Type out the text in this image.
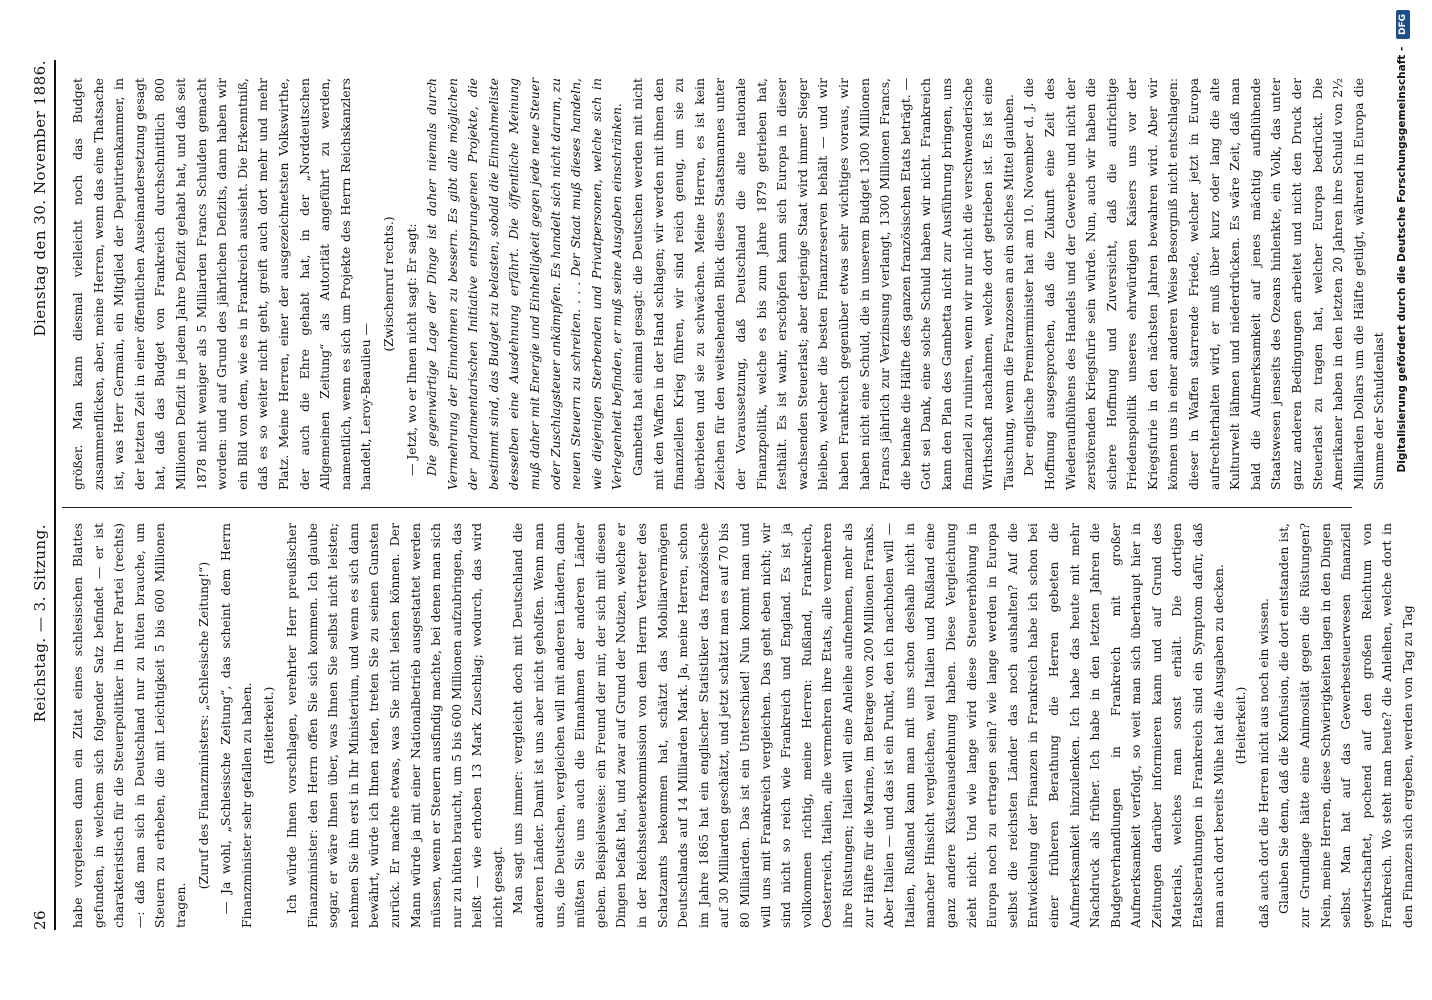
26
Reichstag. — 3. Sitzung.
Dienstag den 30. November 1886.

habe vorgelesen dann ein Zitat eines schlesischen Blattes gefunden, in welchem sich folgender Satz befindet — er ist charakteristisch für die Steuerpolitiker in Ihrer Partei (rechts) —: daß man sich in Deutschland nur zu hüten brauche, um Steuern zu erheben, die mit Leichtigkeit 5 bis 600 Millionen tragen.

(Zuruf des Finanzministers: „Schlesische Zeitung!“) — Ja wohl, „Schlesische Zeitung“, das scheint dem Herrn Finanzminister sehr gefallen zu haben. (Heiterkeit.) Ich würde Ihnen vorschlagen, verehrter Herr preußischer Finanzminister: den Herrn offen Sie sich kommen. Ich glaube sogar, er wäre Ihnen über, was Ihnen Sie selbst nicht leisten; nehmen Sie ihn erst in Ihr Ministerium, und wenn es sich dann bewährt, würde ich Ihnen raten, treten Sie zu seinen Gunsten zurück. Er machte etwas, was Sie nicht leisten können. Der Mann würde ja mit einer Nationalbetrieb ausgestattet werden müssen, wenn er Steuern ausfindig machte, bei denen man sich nur zu hüten braucht, um 5 bis 600 Millionen aufzubringen, das heißt — wie erhoben 13 Mark Zuschlag; wodurch, das wird nicht gesagt. Man sagt uns immer: vergleicht doch mit Deutschland die anderen Länder. Damit ist uns aber nicht geholfen. Wenn man uns, die Deutschen, vergleichen will mit anderen Ländern, dann müßten Sie uns auch die Einnahmen der anderen Länder geben. Beispielsweise: ein Freund der mir, der sich mit diesen Dingen befaßt hat, und zwar auf Grund der Notizen, welche er in der Reichssteuerkommission von dem Herrn Vertreter des Schatzamts bekommen hat, schätzt das Mobiliarvermögen Deutschlands auf 14 Milliarden Mark. Ja, meine Herren, schon im Jahre 1865 hat ein englischer Statistiker das französische auf 30 Milliarden geschätzt, und jetzt schätzt man es auf 70 bis 80 Milliarden. Das ist ein Unterschied! Nun kommt man und will uns mit Frankreich vergleichen. Das geht eben nicht; wir sind nicht so reich wie Frankreich und England. Es ist ja vollkommen richtig, meine Herren: Rußland, Frankreich, Oesterreich, Italien, alle vermehren ihre Etats, alle vermehren ihre Rüstungen; Italien will eine Anleihe aufnehmen, mehr als zur Hälfte für die Marine, im Betrage von 200 Millionen Franks. Aber Italien — und das ist ein Punkt, den ich nachholen will — Italien, Rußland kann man mit uns schon deshalb nicht in mancher Hinsicht vergleichen, weil Italien und Rußland eine ganz andere Küstenausdehnung haben. Diese Vergleichung zieht nicht. Und wie lange wird diese Steuererhöhung in Europa noch zu ertragen sein? wie lange werden in Europa selbst die reichsten Länder das noch aushalten? Auf die Entwickelung der Finanzen in Frankreich habe ich schon bei einer früheren Berathung die Herren gebeten die Aufmerksamkeit hinzulenken. Ich habe das heute mit mehr Nachdruck als früher. Ich habe in den letzten Jahren die Budgetverhandlungen in Frankreich mit großer Aufmerksamkeit verfolgt, so weit man sich überhaupt hier in Zeitungen darüber informieren kann und auf Grund des Materials, welches man sonst erhält. Die dortigen Etatsberathungen in Frankreich sind ein Symptom dafür, daß man auch dort bereits Mühe hat die Ausgaben zu decken. (Heiterkeit.) daß auch dort die Herren nicht aus noch ein wissen. Glauben Sie denn, daß die Konfusion, die dort entstanden ist, zur Grundlage hätte eine Animosität gegen die Rüstungen? Nein, meine Herren, diese Schwierigkeiten lagen in den Dingen selbst. Man hat auf das Gewerbesteuerwesen finanziell gewirtschaftet, pochend auf den großen Reichtum von Frankreich. Wo steht man heute? die Anleihen, welche dort in den Finanzen sich ergeben, werden von Tag zu Tag

größer. Man kann diesmal vielleicht noch das Budget zusammenflicken, aber, meine Herren, wenn das eine Thatsache ist, was Herr Germain, ein Mitglied der Deputirtenkammer, in der letzten Zeit in einer öffentlichen Auseinandersetzung gesagt hat, daß das Budget von Frankreich durchschnittlich 800 Millionen Defizit in jedem Jahre Defizit gehabt hat, und daß seit 1878 nicht weniger als 5 Milliarden Francs Schulden gemacht worden: und auf Grund des jährlichen Defizits, dann haben wir ein Bild von dem, wie es in Frankreich aussieht. Die Erkenntniß, daß es so weiter nicht geht, greift auch dort mehr und mehr Platz. Meine Herren, einer der ausgezeichnetsten Volkswirthe, der auch die Ehre gehabt hat, in der „Norddeutschen Allgemeinen Zeitung“ als Autorität angeführt zu werden, namentlich, wenn es sich um Projekte des Herrn Reichskanzlers handelt, Leroy-Beaulieu —

(Zwischenruf rechts.) — Jetzt, wo er Ihnen nicht sagt: Er sagt: Die gegenwärtige Lage der Dinge ist daher niemals durch Vermehrung der Einnahmen zu bessern. Es gibt alle möglichen der parlamentarischen Initiative entsprungenen Projekte, die bestimmt sind, das Budget zu belasten, sobald die Einnahmeliste desselben eine Ausdehnung erfährt. Die öffentliche Meinung muß daher mit Energie und Einhelligkeit gegen jede neue Steuer oder Zuschlagsteuer ankämpfen. Es handelt sich nicht darum, zu neuen Steuern zu schreiten. . . . Der Staat muß dieses handeln, wie diejenigen Sterbenden und Privatpersonen, welche sich in Verlegenheit befinden, er muß seine Ausgaben einschränken. Gambetta hat einmal gesagt: die Deutschen werden mit nicht mit den Waffen in der Hand schlagen; wir werden mit ihnen den finanziellen Krieg führen, wir sind reich genug, um sie zu überbieten und sie zu schwächen. Meine Herren, es ist kein Zeichen für den weitsehenden Blick dieses Staatsmannes unter der Voraussetzung, daß Deutschland die alte nationale Finanzpolitik, welche es bis zum Jahre 1879 getrieben hat, festhält. Es ist wahr, erschöpfen kann sich Europa in dieser wachsenden Steuerlast; aber derjenige Staat wird immer Sieger bleiben, welcher die besten Finanzreserven behält — und wir haben Frankreich gegenüber etwas sehr wichtiges voraus, wir haben nicht eine Schuld, die in unserem Budget 1300 Millionen Francs jährlich zur Verzinsung verlangt, 1300 Millionen Francs, die beinahe die Hälfte des ganzen französischen Etats beträgt. — Gott sei Dank, eine solche Schuld haben wir nicht. Frankreich kann den Plan des Gambetta nicht zur Ausführung bringen, uns finanziell zu ruiniren, wenn wir nur nicht die verschwenderische Wirthschaft nachahmen, welche dort getrieben ist. Es ist eine Täuschung, wenn die Franzosen an ein solches Mittel glauben. Der englische Premierminister hat am 10. November d. J. die Hoffnung ausgesprochen, daß die Zukunft eine Zeit des Wiederaufblühens des Handels und der Gewerbe und nicht der zerstörenden Kriegsfurie sein würde. Nun, auch wir haben die sichere Hoffnung und Zuversicht, daß die aufrichtige Friedenspolitik unseres ehrwürdigen Kaisers uns vor der Kriegsfurie in den nächsten Jahren bewahren wird. Aber wir können uns in einer anderen Weise Besorgniß nicht entschlagen: dieser in Waffen starrende Friede, welcher jetzt in Europa aufrechterhalten wird, er muß über kurz oder lang die alte Kulturwelt lähmen und niederdrücken. Es wäre Zeit, daß man bald die Aufmerksamkeit auf jenes mächtig aufblühende Staatswesen jenseits des Ozeans hinlenkte, ein Volk, das unter ganz anderen Bedingungen arbeitet und nicht den Druck der Steuerlast zu tragen hat, welcher Europa bedrückt. Die Amerikaner haben in den letzten 20 Jahren ihre Schuld von 2½ Milliarden Dollars um die Hälfte getilgt, während in Europa die Summe der Schuldenlast Digitalisierung gefördert durch die Deutsche Forschungsgemeinschaft - DFG
